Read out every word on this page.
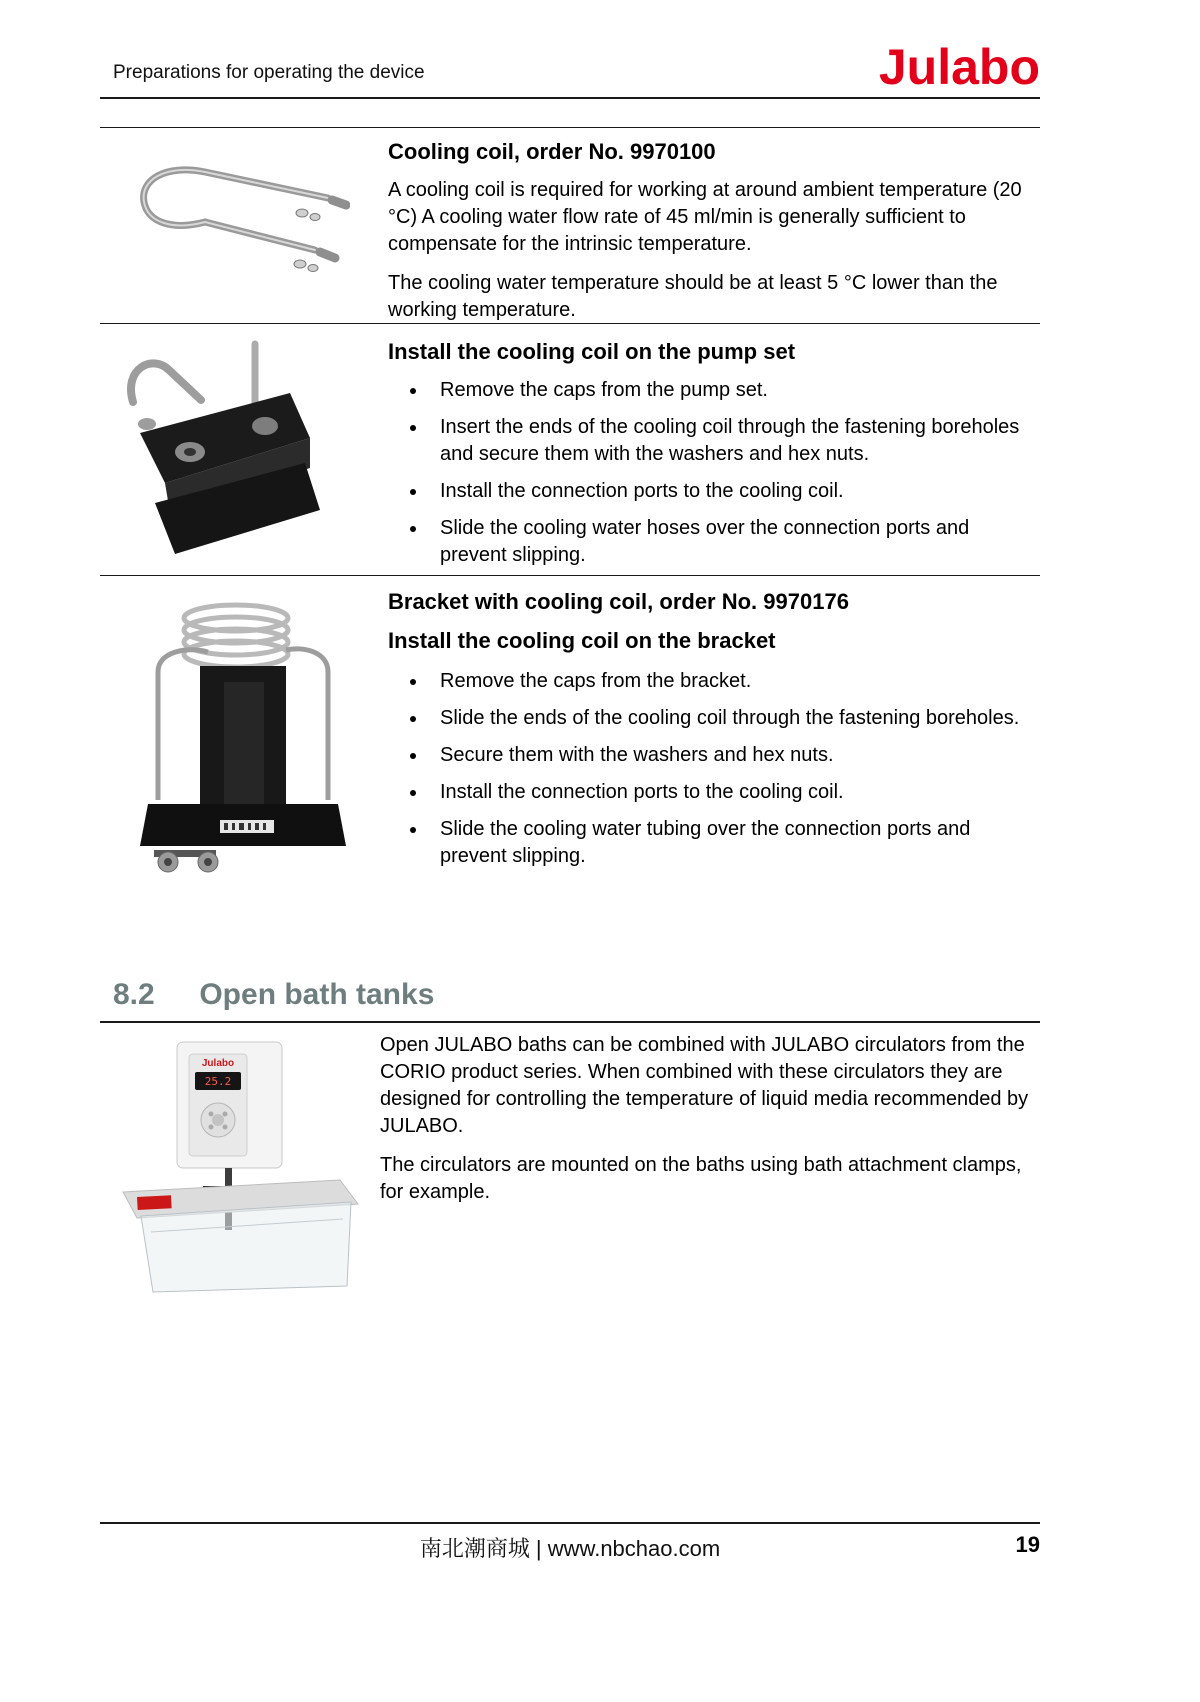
Preparations for operating the device	Julabo
Cooling coil, order No. 9970100

A cooling coil is required for working at around ambient temperature (20 °C) A cooling water flow rate of 45 ml/min is generally sufficient to compensate for the intrinsic temperature.

The cooling water temperature should be at least 5 °C lower than the working temperature.

Install the cooling coil on the pump set
• Remove the caps from the pump set.
• Insert the ends of the cooling coil through the fastening boreholes and secure them with the washers and hex nuts.
• Install the connection ports to the cooling coil.
• Slide the cooling water hoses over the connection ports and prevent slipping.
Bracket with cooling coil, order No. 9970176
Install the cooling coil on the bracket
• Remove the caps from the bracket.
• Slide the ends of the cooling coil through the fastening boreholes.
• Secure them with the washers and hex nuts.
• Install the connection ports to the cooling coil.
• Slide the cooling water tubing over the connection ports and prevent slipping.
8.2 Open bath tanks
Julabo
25.2

Open JULABO baths can be combined with JULABO circulators from the CORIO product series. When combined with these circulators they are designed for controlling the temperature of liquid media recommended by JULABO.

The circulators are mounted on the baths using bath attachment clamps, for example.

南北潮商城 | www.nbchao.com	19
